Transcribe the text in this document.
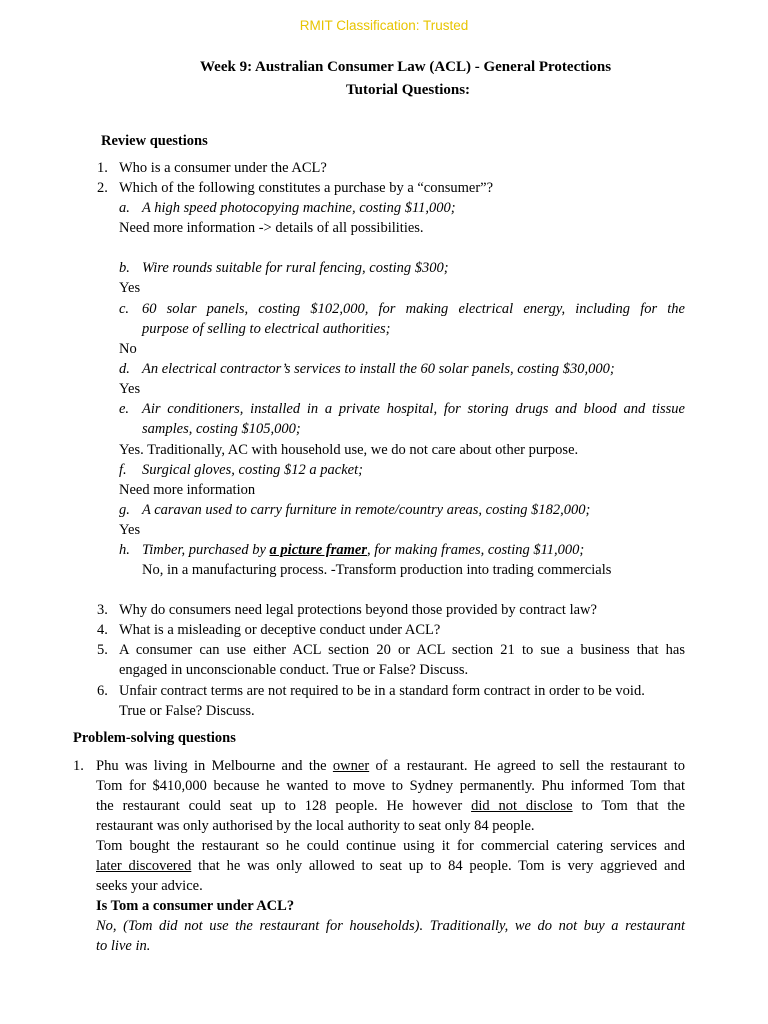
RMIT Classification: Trusted
Week 9: Australian Consumer Law (ACL) - General Protections
Tutorial Questions:
Review questions
1. Who is a consumer under the ACL?
2. Which of the following constitutes a purchase by a “consumer”?
a. A high speed photocopying machine, costing $11,000;
Need more information -> details of all possibilities.
b. Wire rounds suitable for rural fencing, costing $300;
Yes
c. 60 solar panels, costing $102,000, for making electrical energy, including for the
purpose of selling to electrical authorities;
No
d. An electrical contractor’s services to install the 60 solar panels, costing $30,000;
Yes
e. Air conditioners, installed in a private hospital, for storing drugs and blood and tissue
samples, costing $105,000;
Yes. Traditionally, AC with household use, we do not care about other purpose.
f. Surgical gloves, costing $12 a packet;
Need more information
g. A caravan used to carry furniture in remote/country areas, costing $182,000;
Yes
h. Timber, purchased by a picture framer, for making frames, costing $11,000;
No, in a manufacturing process. -Transform production into trading commercials
3. Why do consumers need legal protections beyond those provided by contract law?
4. What is a misleading or deceptive conduct under ACL?
5. A consumer can use either ACL section 20 or ACL section 21 to sue a business that has
engaged in unconscionable conduct. True or False? Discuss.
6. Unfair contract terms are not required to be in a standard form contract in order to be void.
True or False? Discuss.
Problem-solving questions
1. Phu was living in Melbourne and the owner of a restaurant. He agreed to sell the restaurant to
Tom for $410,000 because he wanted to move to Sydney permanently. Phu informed Tom that
the restaurant could seat up to 128 people. He however did not disclose to Tom that the
restaurant was only authorised by the local authority to seat only 84 people.
Tom bought the restaurant so he could continue using it for commercial catering services and
later discovered that he was only allowed to seat up to 84 people. Tom is very aggrieved and
seeks your advice.
Is Tom a consumer under ACL?
No, (Tom did not use the restaurant for households). Traditionally, we do not buy a restaurant
to live in.
